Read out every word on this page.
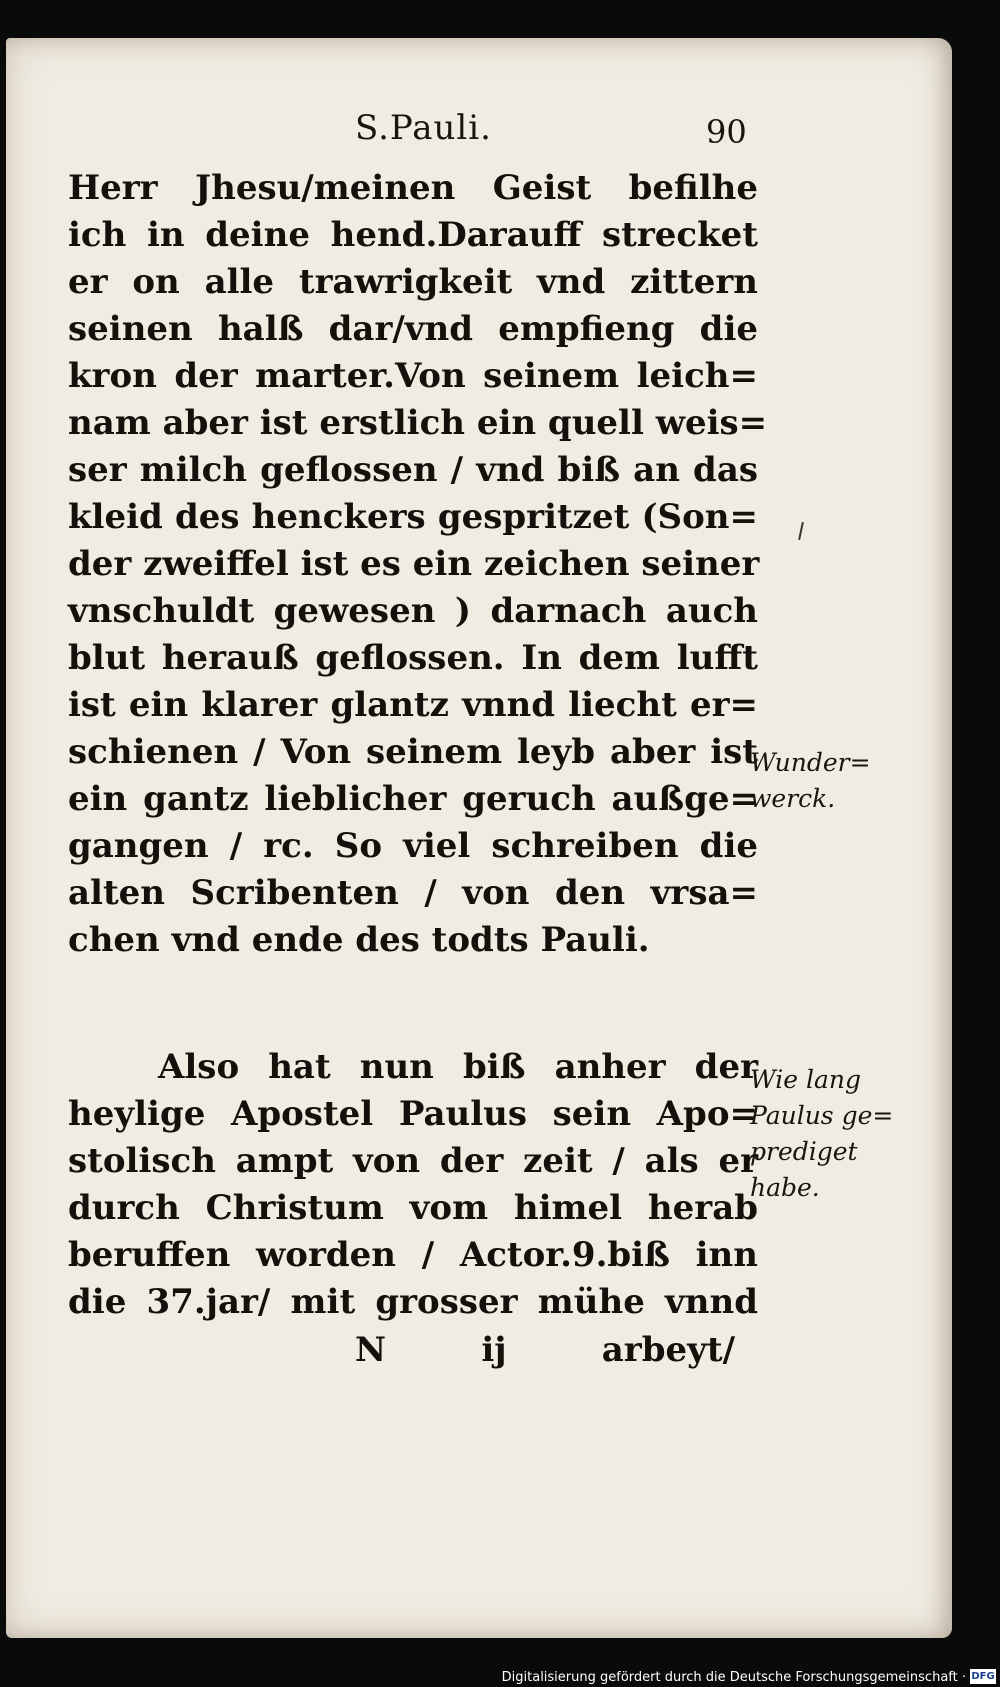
S.Pauli.	90
Herr Jhesu/meinen Geist befilhe
ich in deine hend.Darauff strecket
er on alle trawrigkeit vnd zittern
seinen halß dar/vnd empfieng die
kron der marter.Von seinem leich=
nam aber ist erstlich ein quell weis=
ser milch geflossen / vnd biß an das
kleid des henckers gespritzet (Son=
der zweiffel ist es ein zeichen seiner
vnschuldt gewesen ) darnach auch
blut herauß geflossen. In dem lufft
ist ein klarer glantz vnnd liecht er=
schienen / Von seinem leyb aber ist
ein gantz lieblicher geruch außge=
gangen / rc. So viel schreiben die
alten Scribenten / von den vrsa=
chen vnd ende des todts Pauli.
Also hat nun biß anher der
heylige Apostel Paulus sein Apo=
stolisch ampt von der zeit / als er
durch Christum vom himel herab
beruffen worden / Actor.9.biß inn
die 37.jar/ mit grosser mühe vnnd
Wunder=
werck.
Wie lang
Paulus ge=
prediget
habe.
N	ij	arbeyt/
Digitalisierung gefördert durch die Deutsche Forschungsgemeinschaft · DFG
